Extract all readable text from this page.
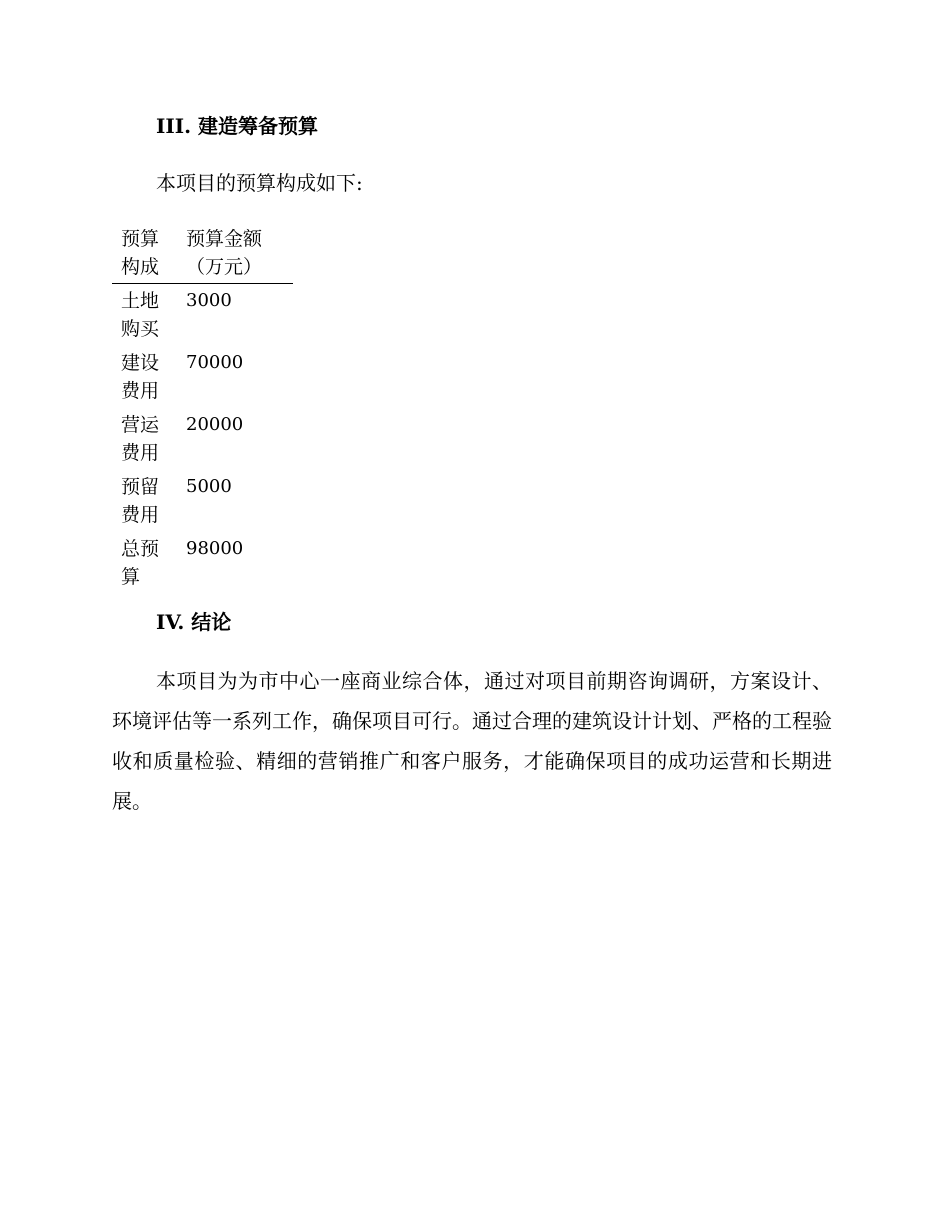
III. 建造筹备预算
本项目的预算构成如下:
预算构成
预算金额（万元）
土地购买
3000
建设费用
70000
营运费用
20000
预留费用
5000
总预算
98000
IV. 结论
本项目为为市中心一座商业综合体，通过对项目前期咨询调研，方案设计、环境评估等一系列工作，确保项目可行。通过合理的建筑设计计划、严格的工程验收和质量检验、精细的营销推广和客户服务，才能确保项目的成功运营和长期进展。
